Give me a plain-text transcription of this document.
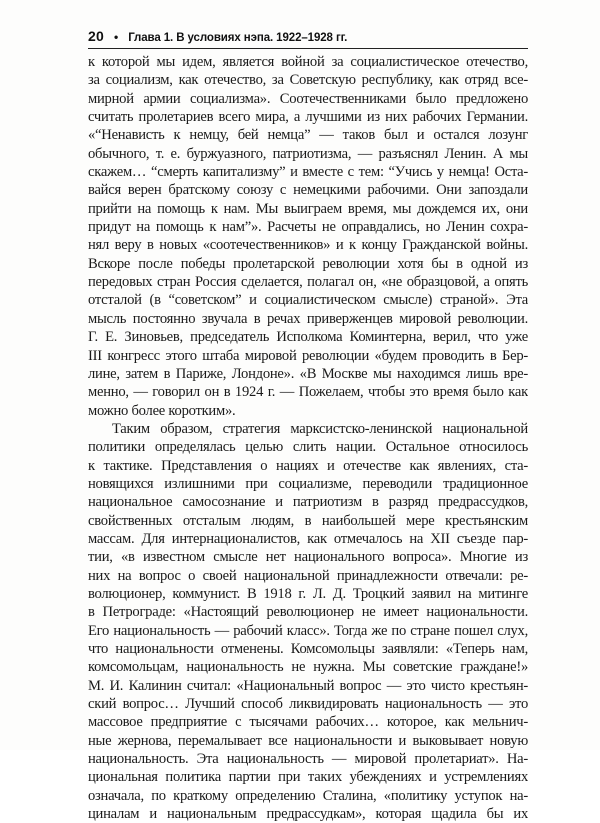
20 • Глава 1. В условиях нэпа. 1922–1928 гг.
к которой мы идем, является войной за социалистическое отечество,
за социализм, как отечество, за Советскую республику, как отряд все-
мирной армии социализма». Соотечественниками было предложено
считать пролетариев всего мира, а лучшими из них рабочих Германии.
«“Ненависть к немцу, бей немца” — таков был и остался лозунг
обычного, т. е. буржуазного, патриотизма, — разъяснял Ленин. А мы
скажем… “смерть капитализму” и вместе с тем: “Учись у немца! Остa-
вайся верен братскому союзу с немецкими рабочими. Они запоздали
прийти на помощь к нам. Мы выиграем время, мы дождемся их, они
придут на помощь к нам”». Расчеты не оправдались, но Ленин сохра-
нял веру в новых «соотечественников» и к концу Гражданской войны.
Вскоре после победы пролетарской революции хотя бы в одной из
передовых стран Россия сделается, полагал он, «не образцовой, а опять
отсталой (в “советском” и социалистическом смысле) страной». Эта
мысль постоянно звучала в речах приверженцев мировой революции.
Г. Е. Зиновьев, председатель Исполкома Коминтерна, верил, что уже
III конгресс этого штаба мировой революции «будем проводить в Бер-
лине, затем в Париже, Лондоне». «В Москве мы находимся лишь вре-
менно, — говорил он в 1924 г. — Пожелаем, чтобы это время было как
можно более коротким».
Таким образом, стратегия марксистско-ленинской национальной
политики определялась целью слить нации. Остальное относилось
к тактике. Представления о нациях и отечестве как явлениях, ста-
новящихся излишними при социализме, переводили традиционное
национальное самосознание и патриотизм в разряд предрассудков,
свойственных отсталым людям, в наибольшей мере крестьянским
массам. Для интернационалистов, как отмечалось на XII съезде пар-
тии, «в известном смысле нет национального вопроса». Многие из
них на вопрос о своей национальной принадлежности отвечали: ре-
волюционер, коммунист. В 1918 г. Л. Д. Троцкий заявил на митинге
в Петрограде: «Настоящий революционер не имеет национальности.
Его национальность — рабочий класс». Тогда же по стране пошел слух,
что национальности отменены. Комсомольцы заявляли: «Теперь нам,
комсомольцам, национальность не нужна. Мы советские граждане!»
М. И. Калинин считал: «Национальный вопрос — это чисто крестьян-
ский вопрос… Лучший способ ликвидировать национальность — это
массовое предприятие с тысячами рабочих… которое, как мельнич-
ные жернова, перемалывает все национальности и выковывает новую
национальность. Эта национальность — мировой пролетариат». На-
циональная политика партии при таких убеждениях и устремлениях
означала, по краткому определению Сталина, «политику уступок на-
циналам и национальным предрассудкам», которая щадила бы их
